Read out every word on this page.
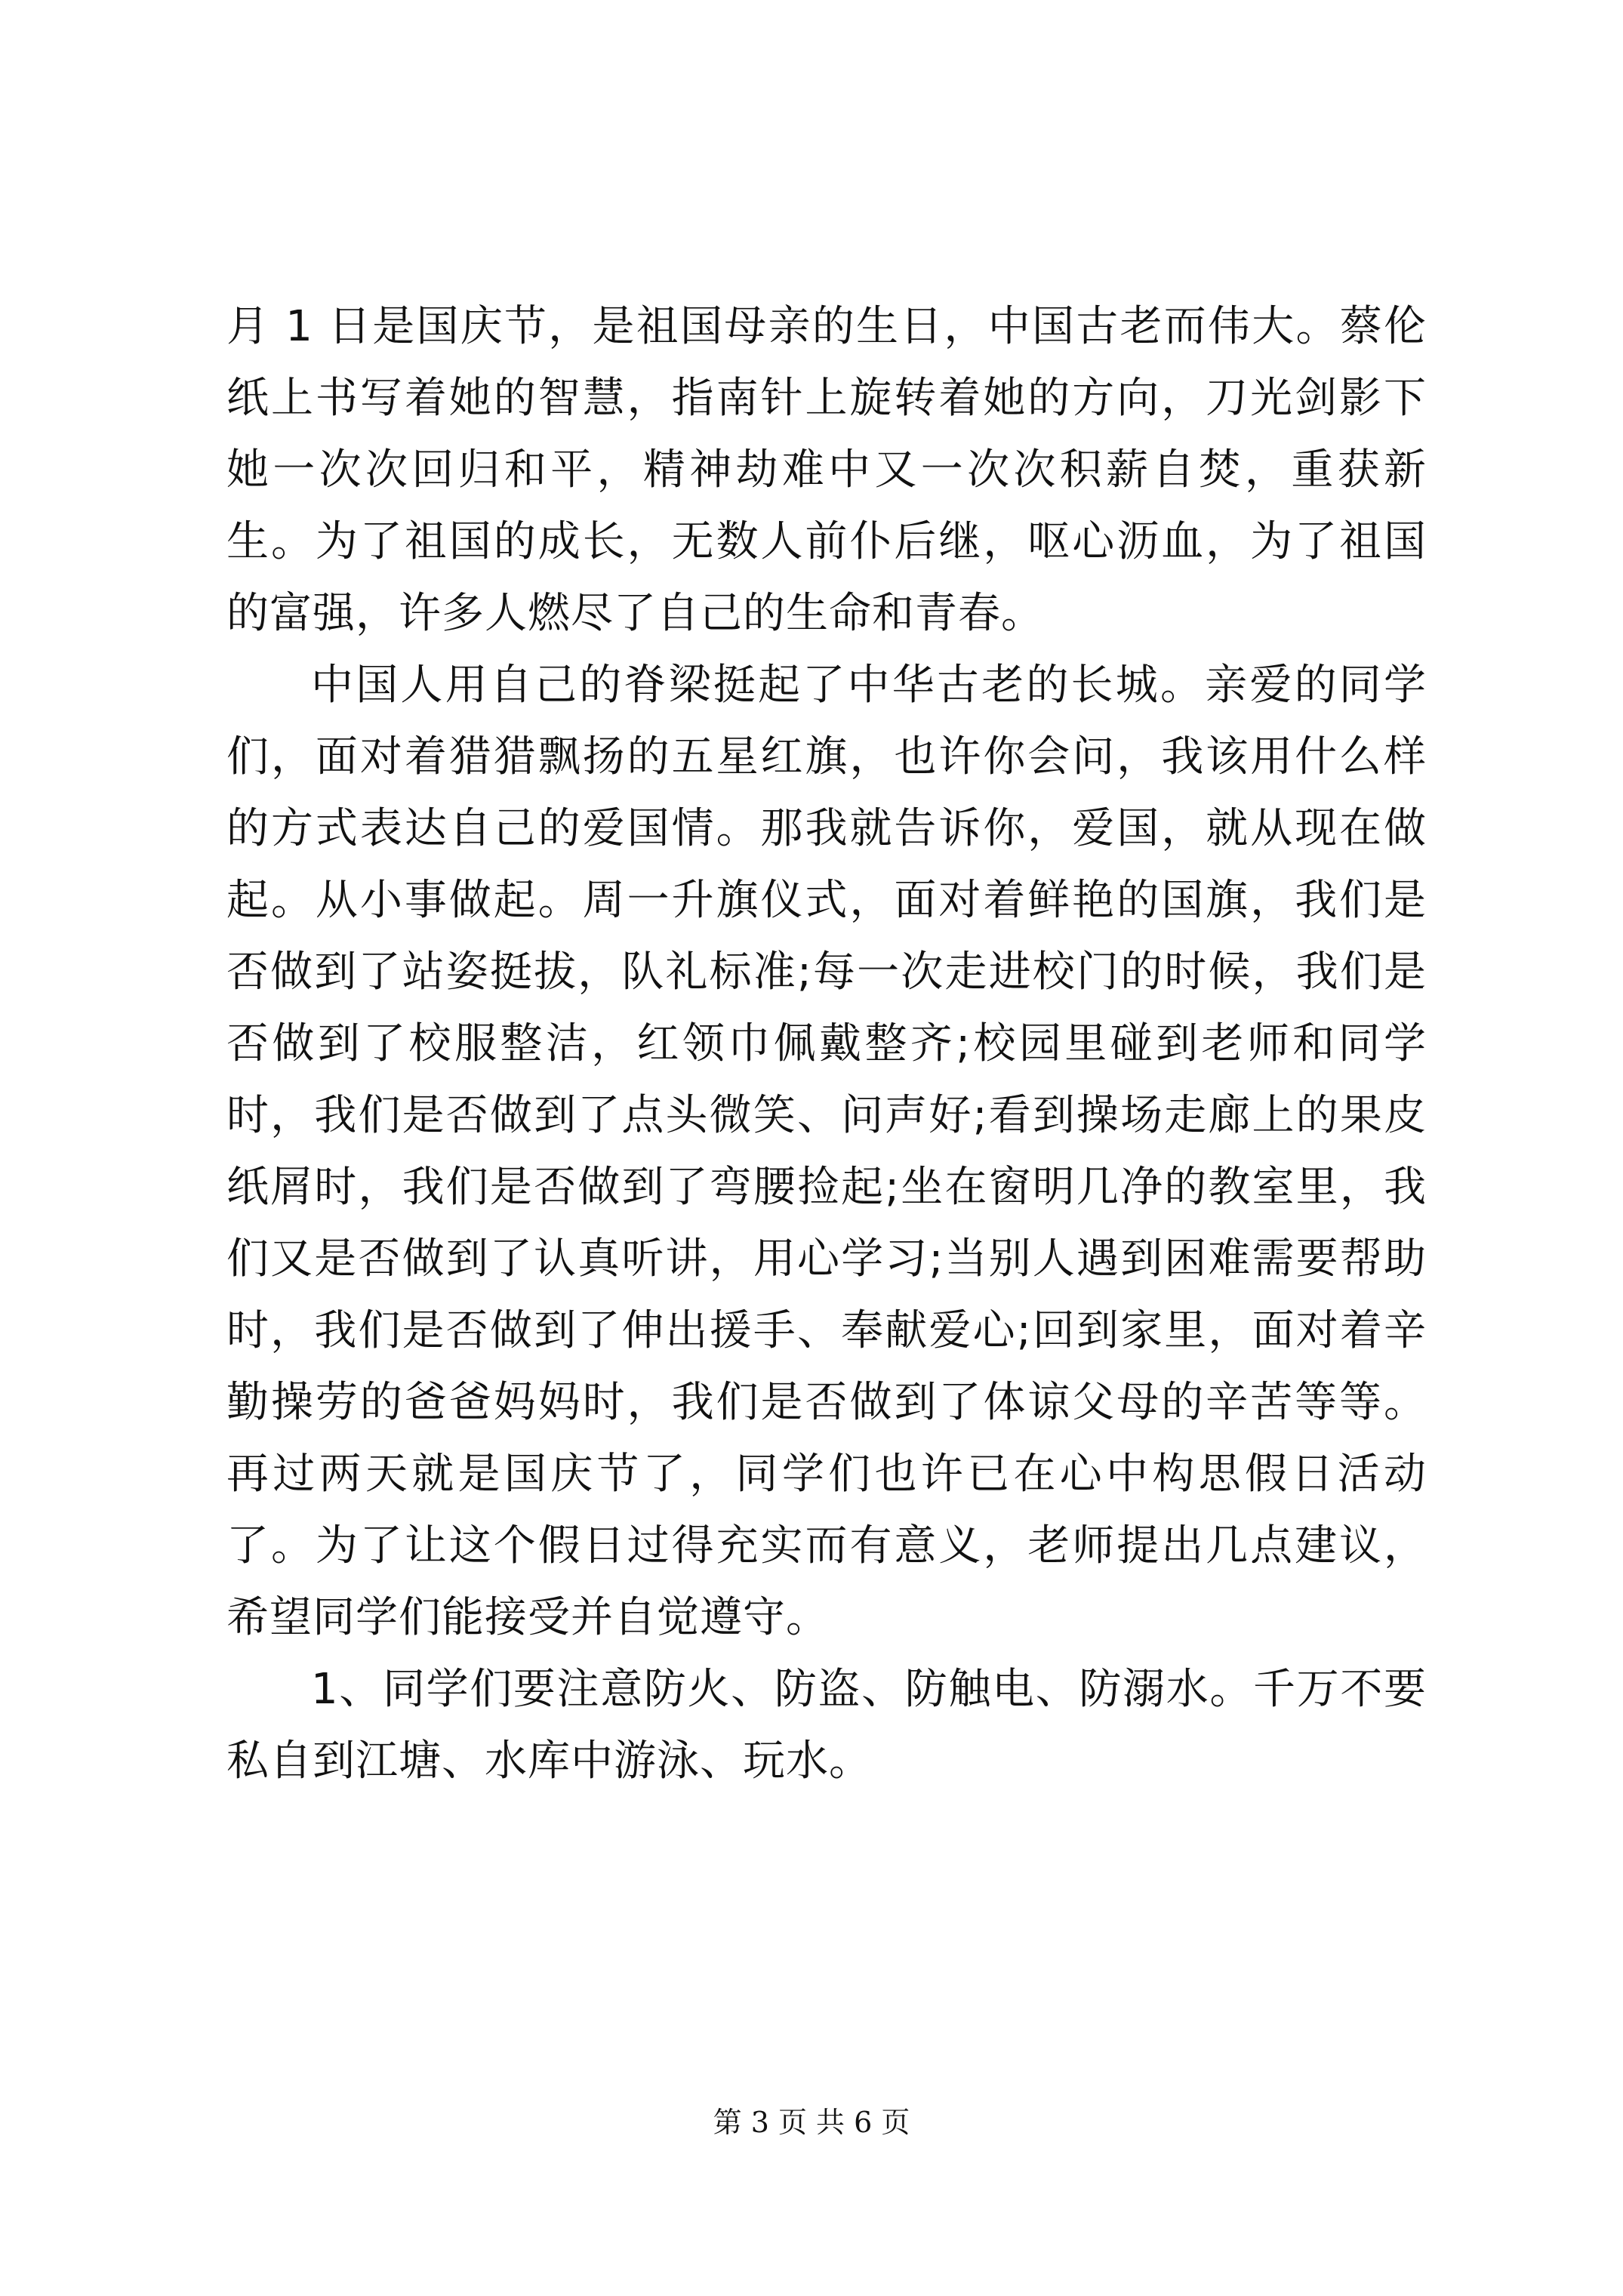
月 1 日是国庆节，是祖国母亲的生日，中国古老而伟大。蔡伦纸上书写着她的智慧，指南针上旋转着她的方向，刀光剑影下她一次次回归和平，精神劫难中又一次次积薪自焚，重获新生。为了祖国的成长，无数人前仆后继，呕心沥血，为了祖国的富强，许多人燃尽了自己的生命和青春。

中国人用自己的脊梁挺起了中华古老的长城。亲爱的同学们，面对着猎猎飘扬的五星红旗，也许你会问，我该用什么样的方式表达自己的爱国情。那我就告诉你，爱国，就从现在做起。从小事做起。周一升旗仪式，面对着鲜艳的国旗，我们是否做到了站姿挺拔，队礼标准;每一次走进校门的时候，我们是否做到了校服整洁，红领巾佩戴整齐;校园里碰到老师和同学时，我们是否做到了点头微笑、问声好;看到操场走廊上的果皮纸屑时，我们是否做到了弯腰捡起;坐在窗明几净的教室里，我们又是否做到了认真听讲，用心学习;当别人遇到困难需要帮助时，我们是否做到了伸出援手、奉献爱心;回到家里，面对着辛勤操劳的爸爸妈妈时，我们是否做到了体谅父母的辛苦等等。再过两天就是国庆节了，同学们也许已在心中构思假日活动了。为了让这个假日过得充实而有意义，老师提出几点建议，希望同学们能接受并自觉遵守。

1、同学们要注意防火、防盗、防触电、防溺水。千万不要私自到江塘、水库中游泳、玩水。

第 3 页 共 6 页
